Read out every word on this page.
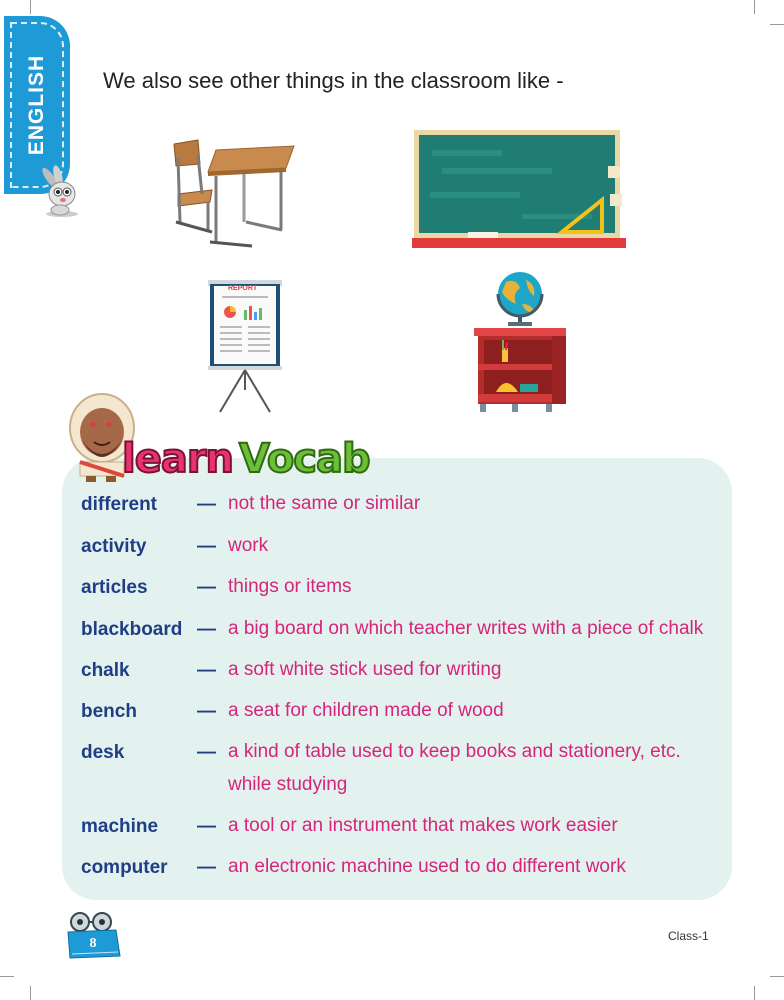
ENGLISH	We also see other things in the classroom like -
REPORT
learn Vocab
different — not the same or similar
activity	— work
articles	— things or items
blackboard — a big board on which teacher writes with a piece of chalk
chalk	— a soft white stick used for writing
bench	— a seat for children made of wood
desk	— a kind of table used to keep books and stationery, etc. while studying
machine — a tool or an instrument that makes work easier
computer — an electronic machine used to do different work
8	Class-1
